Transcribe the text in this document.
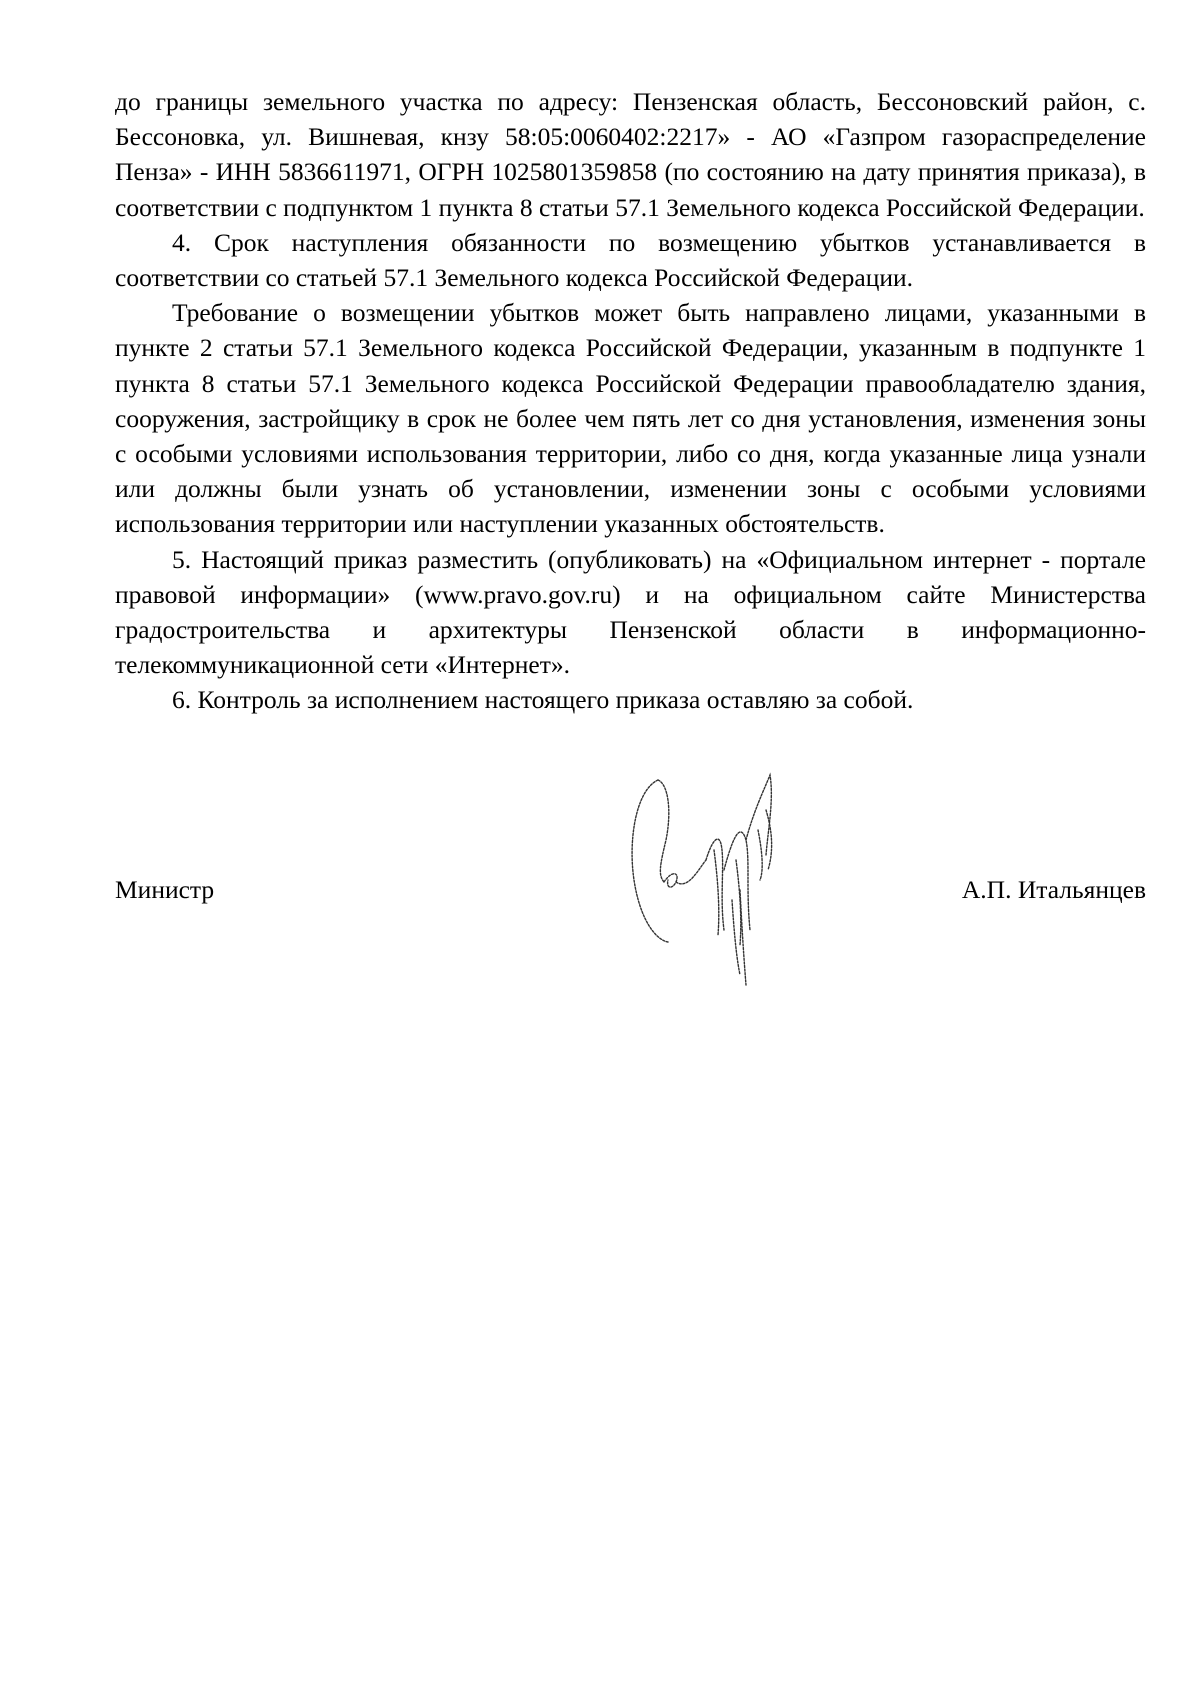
до границы земельного участка по адресу: Пензенская область, Бессоновский район, с. Бессоновка, ул. Вишневая, кнзу 58:05:0060402:2217» - АО «Газпром газораспределение Пенза» - ИНН 5836611971, ОГРН 1025801359858 (по состоянию на дату принятия приказа), в соответствии с подпунктом 1 пункта 8 статьи 57.1 Земельного кодекса Российской Федерации.

4. Срок наступления обязанности по возмещению убытков устанавливается в соответствии со статьей 57.1 Земельного кодекса Российской Федерации.

Требование о возмещении убытков может быть направлено лицами, указанными в пункте 2 статьи 57.1 Земельного кодекса Российской Федерации, указанным в подпункте 1 пункта 8 статьи 57.1 Земельного кодекса Российской Федерации правообладателю здания, сооружения, застройщику в срок не более чем пять лет со дня установления, изменения зоны с особыми условиями использования территории, либо со дня, когда указанные лица узнали или должны были узнать об установлении, изменении зоны с особыми условиями использования территории или наступлении указанных обстоятельств.

5. Настоящий приказ разместить (опубликовать) на «Официальном интернет - портале правовой информации» (www.pravo.gov.ru) и на официальном сайте Министерства градостроительства и архитектуры Пензенской области в информационно-телекоммуникационной сети «Интернет».

6. Контроль за исполнением настоящего приказа оставляю за собой.

Министр	А.П. Итальянцев
